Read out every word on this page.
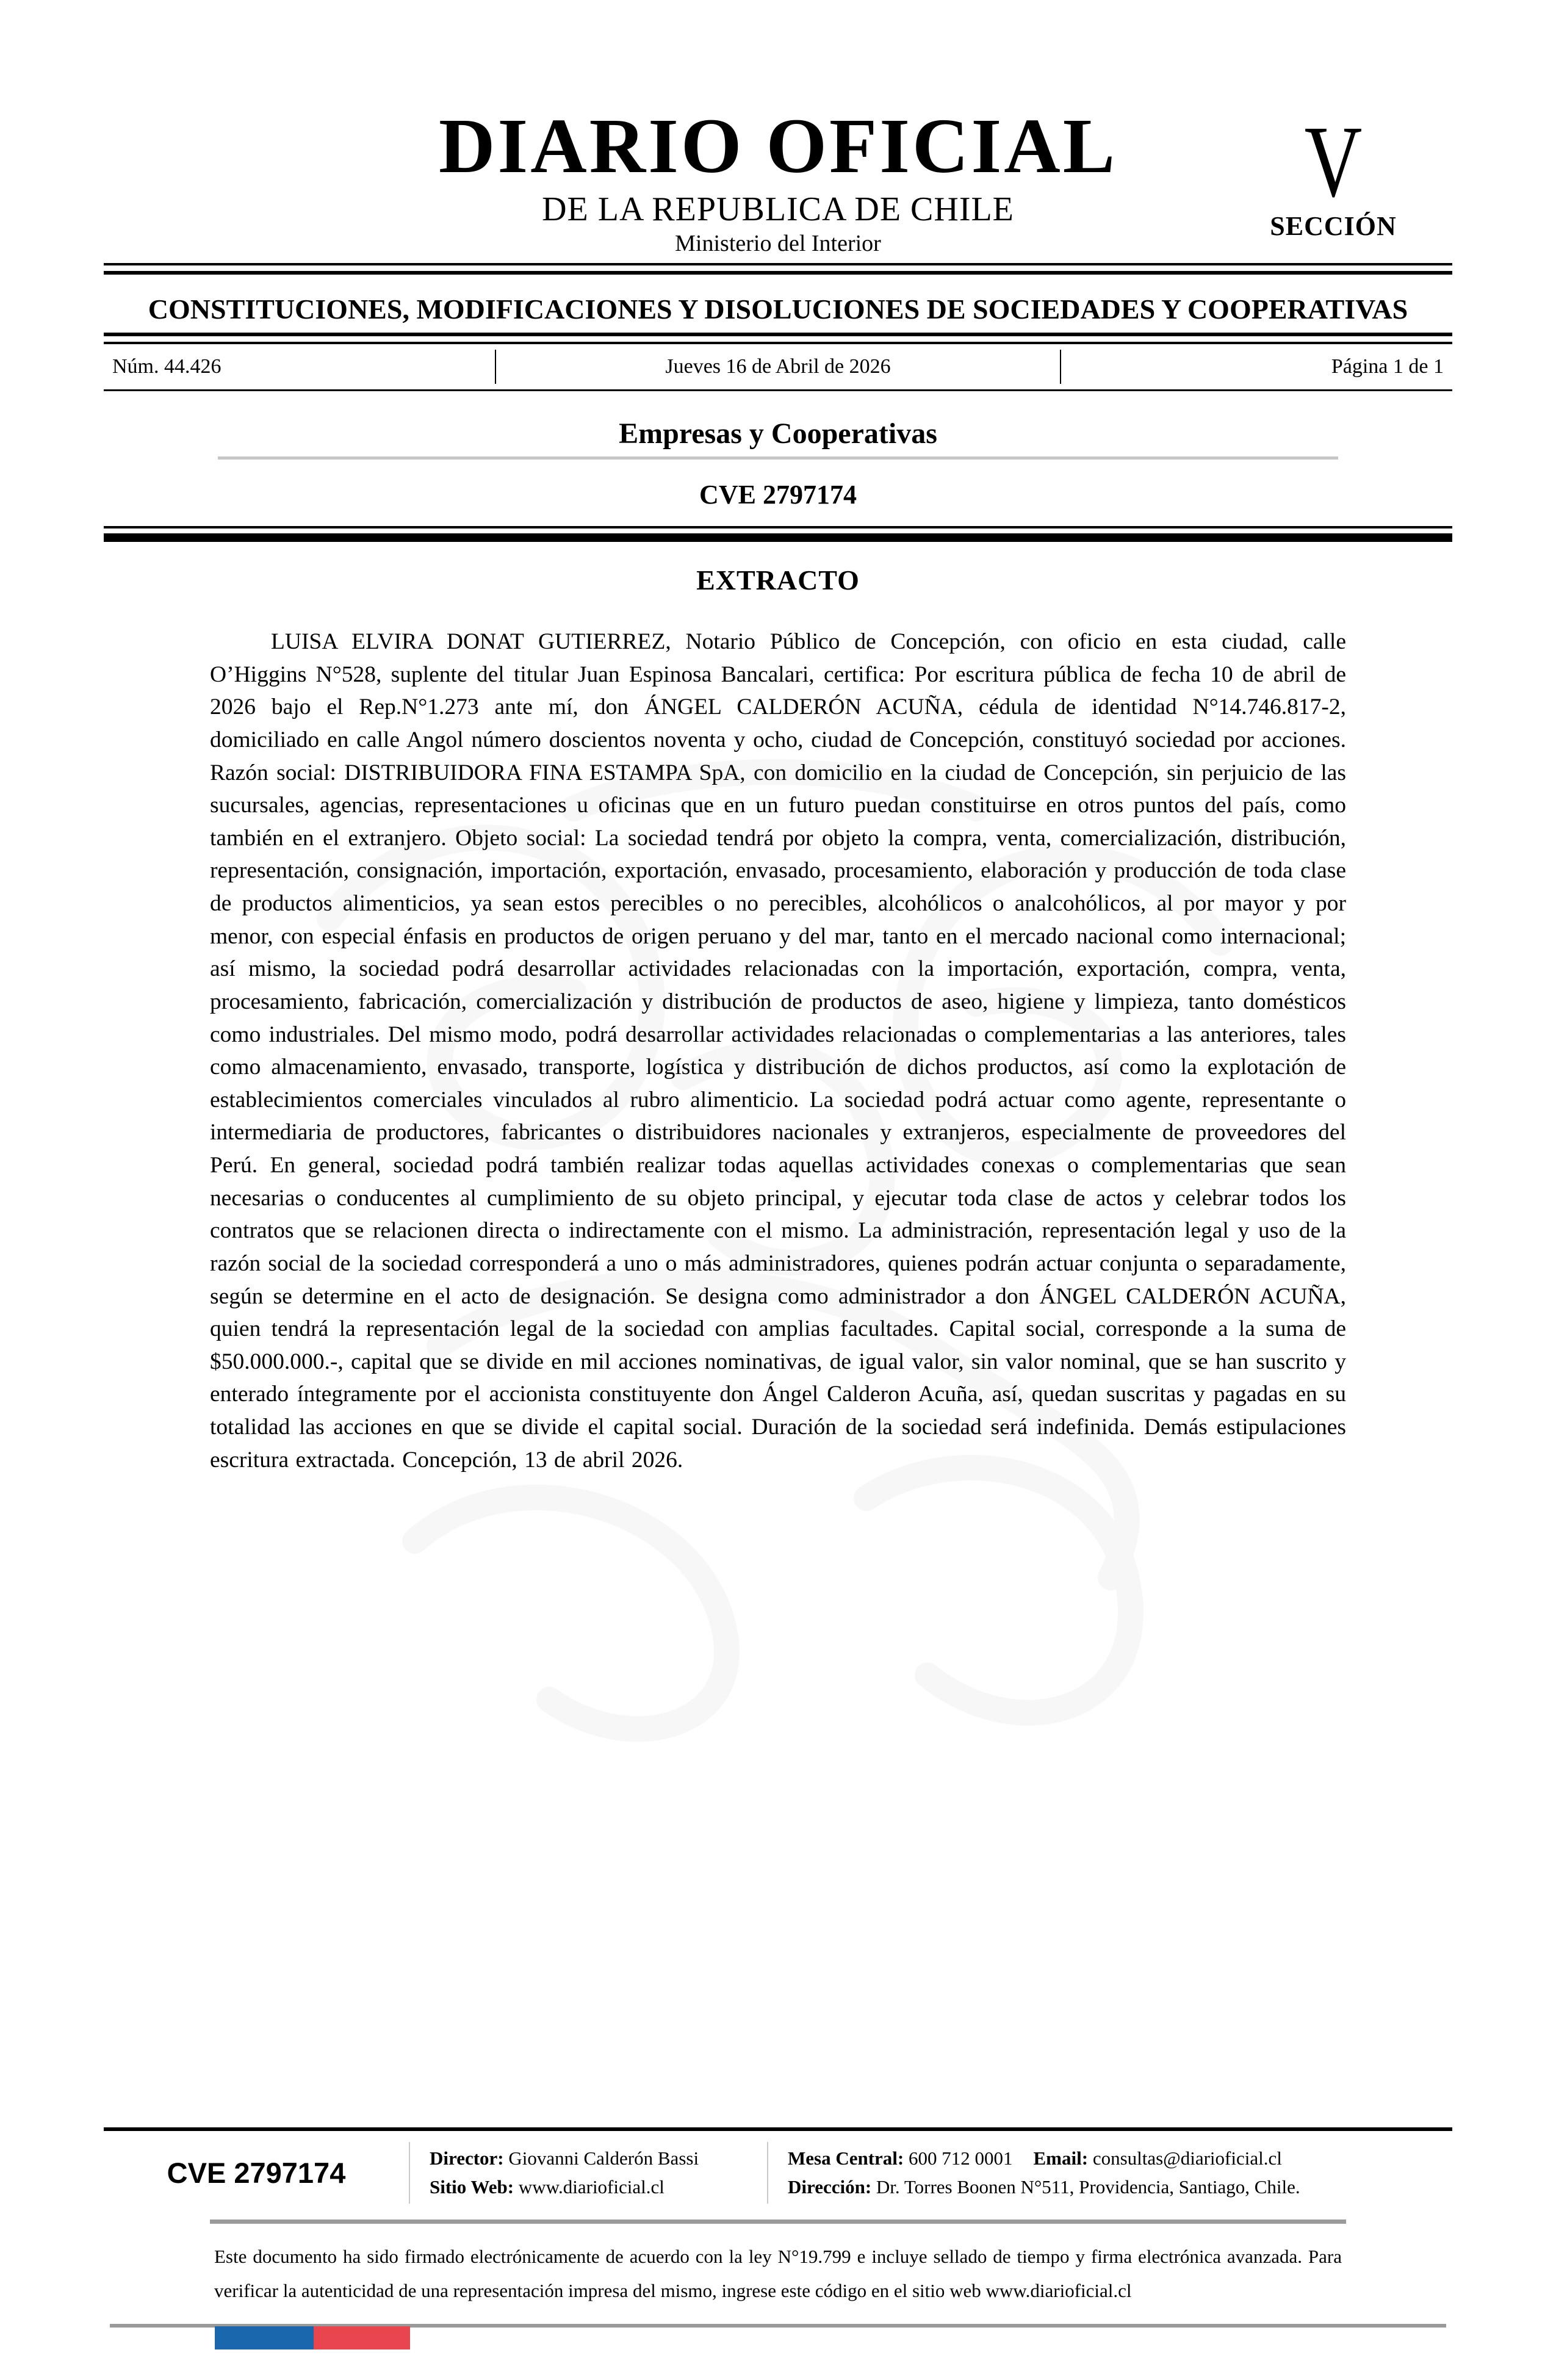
DIARIO OFICIAL
DE LA REPUBLICA DE CHILE
Ministerio del Interior
V
SECCIÓN
CONSTITUCIONES, MODIFICACIONES Y DISOLUCIONES DE SOCIEDADES Y COOPERATIVAS
Núm. 44.426	Jueves 16 de Abril de 2026	Página 1 de 1
Empresas y Cooperativas
CVE 2797174
EXTRACTO

LUISA ELVIRA DONAT GUTIERREZ, Notario Público de Concepción, con oficio en esta ciudad, calle O’Higgins N°528, suplente del titular Juan Espinosa Bancalari, certifica: Por escritura pública de fecha 10 de abril de 2026 bajo el Rep.N°1.273 ante mí, don ÁNGEL CALDERÓN ACUÑA, cédula de identidad N°14.746.817-2, domiciliado en calle Angol número doscientos noventa y ocho, ciudad de Concepción, constituyó sociedad por acciones. Razón social: DISTRIBUIDORA FINA ESTAMPA SpA, con domicilio en la ciudad de Concepción, sin perjuicio de las sucursales, agencias, representaciones u oficinas que en un futuro puedan constituirse en otros puntos del país, como también en el extranjero. Objeto social: La sociedad tendrá por objeto la compra, venta, comercialización, distribución, representación, consignación, importación, exportación, envasado, procesamiento, elaboración y producción de toda clase de productos alimenticios, ya sean estos perecibles o no perecibles, alcohólicos o analcohólicos, al por mayor y por menor, con especial énfasis en productos de origen peruano y del mar, tanto en el mercado nacional como internacional; así mismo, la sociedad podrá desarrollar actividades relacionadas con la importación, exportación, compra, venta, procesamiento, fabricación, comercialización y distribución de productos de aseo, higiene y limpieza, tanto domésticos como industriales. Del mismo modo, podrá desarrollar actividades relacionadas o complementarias a las anteriores, tales como almacenamiento, envasado, transporte, logística y distribución de dichos productos, así como la explotación de establecimientos comerciales vinculados al rubro alimenticio. La sociedad podrá actuar como agente, representante o intermediaria de productores, fabricantes o distribuidores nacionales y extranjeros, especialmente de proveedores del Perú. En general, sociedad podrá también realizar todas aquellas actividades conexas o complementarias que sean necesarias o conducentes al cumplimiento de su objeto principal, y ejecutar toda clase de actos y celebrar todos los contratos que se relacionen directa o indirectamente con el mismo. La administración, representación legal y uso de la razón social de la sociedad corresponderá a uno o más administradores, quienes podrán actuar conjunta o separadamente, según se determine en el acto de designación. Se designa como administrador a don ÁNGEL CALDERÓN ACUÑA, quien tendrá la representación legal de la sociedad con amplias facultades. Capital social, corresponde a la suma de $50.000.000.-, capital que se divide en mil acciones nominativas, de igual valor, sin valor nominal, que se han suscrito y enterado íntegramente por el accionista constituyente don Ángel Calderon Acuña, así, quedan suscritas y pagadas en su totalidad las acciones en que se divide el capital social. Duración de la sociedad será indefinida. Demás estipulaciones escritura extractada. Concepción, 13 de abril 2026.

CVE 2797174	Director: Giovanni Calderón Bassi
Sitio Web: www.diarioficial.cl
Mesa Central: 600 712 0001 Email: consultas@diarioficial.cl
Dirección: Dr. Torres Boonen N°511, Providencia, Santiago, Chile.

Este documento ha sido firmado electrónicamente de acuerdo con la ley N°19.799 e incluye sellado de tiempo y firma electrónica avanzada. Para verificar la autenticidad de una representación impresa del mismo, ingrese este código en el sitio web www.diarioficial.cl
